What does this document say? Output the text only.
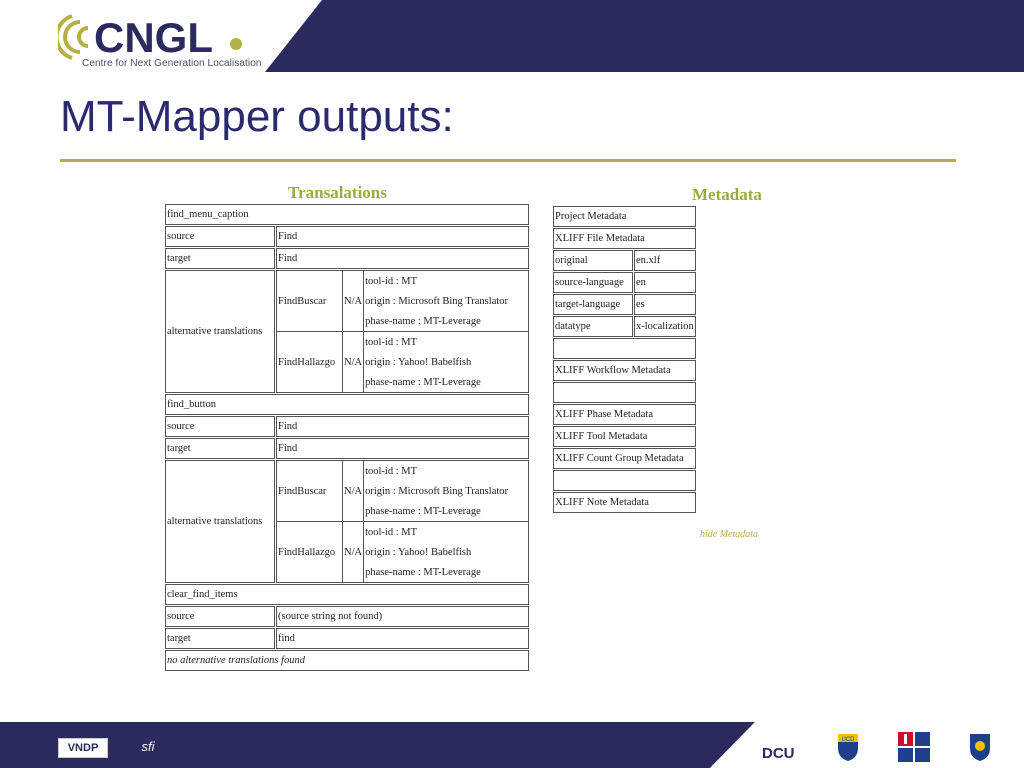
CNGL
Centre for Next Generation Localisation
MT-Mapper outputs:
Transalations	Metadata
find_menu_caption
source	Find
target	Find
alternative translations	
FindBuscar	N/A	tool-id : MT
origin : Microsoft Bing Translator
phase-name : MT-Leverage
FindHallazgo	N/A	tool-id : MT
origin : Yahoo! Babelfish
phase-name : MT-Leverage

find_button
source	Find
target	Find
alternative translations	
FindBuscar	N/A	tool-id : MT
origin : Microsoft Bing Translator
phase-name : MT-Leverage
FindHallazgo	N/A	tool-id : MT
origin : Yahoo! Babelfish
phase-name : MT-Leverage

clear_find_items
source	(source string not found)
target	find
no alternative translations found
Project Metadata	
XLIFF File Metadata	
original	en.xlf
source-language	en
target-language	es
datatype	x-localization

XLIFF Workflow Metadata	

XLIFF Phase Metadata	
XLIFF Tool Metadata	
XLIFF Count Group Metadata	

XLIFF Note Metadata	
hide Metadata
VNDP	sfi	DCU
UCD
